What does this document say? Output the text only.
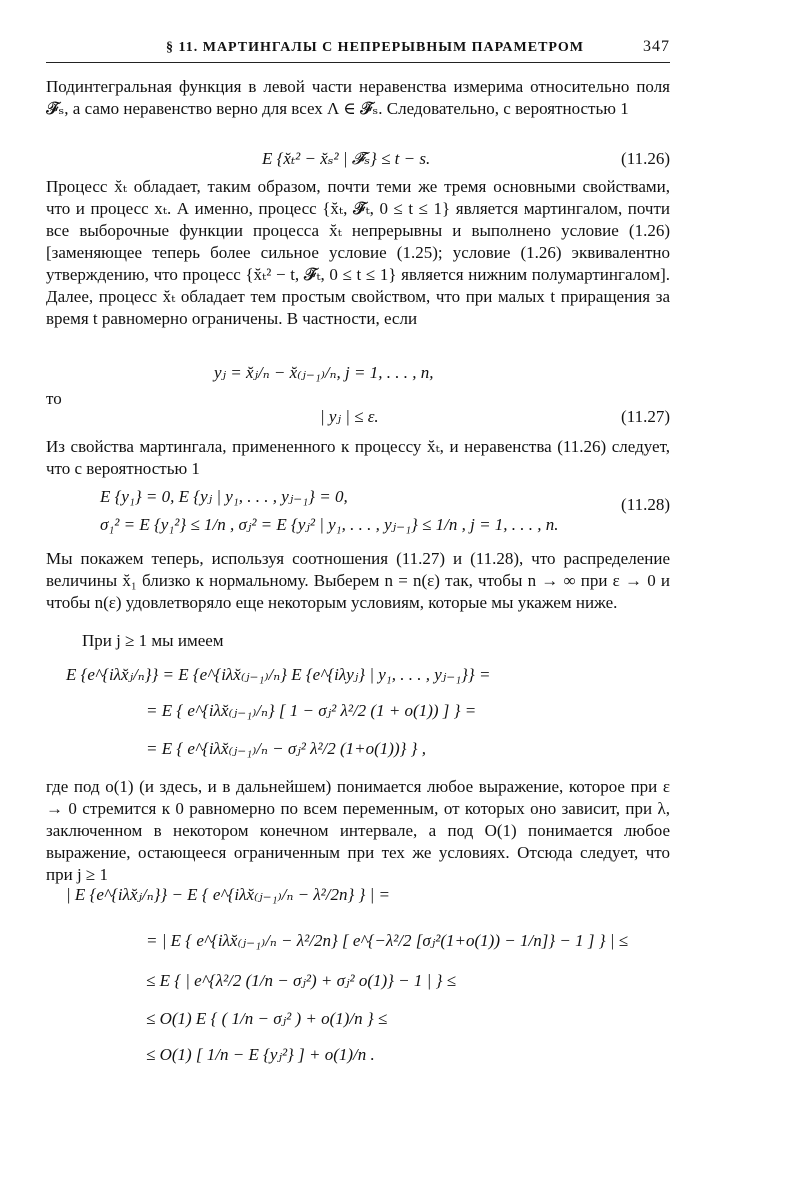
§ 11. МАРТИНГАЛЫ С НЕПРЕРЫВНЫМ ПАРАМЕТРОМ	347
Подинтегральная функция в левой части неравенства измерима относительно поля 𝓕̆ₛ, а само неравенство верно для всех Λ ∈ 𝓕̆ₛ. Следовательно, с вероятностью 1
E {x̆ₜ² − x̆ₛ² | 𝓕̆ₛ} ≤ t − s.	(11.26)
Процесс x̆ₜ обладает, таким образом, почти теми же тремя основными свойствами, что и процесс xₜ. А именно, процесс {x̆ₜ, 𝓕̆ₜ, 0 ≤ t ≤ 1} является мартингалом, почти все выборочные функции процесса x̆ₜ непрерывны и выполнено условие (1.26) [заменяющее теперь более сильное условие (1.25); условие (1.26) эквивалентно утверждению, что процесс {x̆ₜ² − t, 𝓕̆ₜ, 0 ≤ t ≤ 1} является нижним полумартингалом]. Далее, процесс x̆ₜ обладает тем простым свойством, что при малых t приращения за время t равномерно ограничены. В частности, если
yⱼ = x̆ⱼ/ₙ − x̆₍ⱼ₋₁₎/ₙ, j = 1, . . . , n,
то
| yⱼ | ≤ ε.	(11.27)
Из свойства мартингала, примененного к процессу x̆ₜ, и неравенства (11.26) следует, что с вероятностью 1
E {y₁} = 0, E {yⱼ | y₁, . . . , yⱼ₋₁} = 0,
σ₁² = E {y₁²} ≤ 1/n , σⱼ² = E {yⱼ² | y₁, . . . , yⱼ₋₁} ≤ 1/n , j = 1, . . . , n.
(11.28)
Мы покажем теперь, используя соотношения (11.27) и (11.28), что распределение величины x̆₁ близко к нормальному. Выберем n = n(ε) так, чтобы n → ∞ при ε → 0 и чтобы n(ε) удовлетворяло еще некоторым условиям, которые мы укажем ниже.
При j ≥ 1 мы имеем
E {e^{iλx̆ⱼ/ₙ}} = E {e^{iλx̆₍ⱼ₋₁₎/ₙ} E {e^{iλyⱼ} | y₁, . . . , yⱼ₋₁}} =
= E { e^{iλx̆₍ⱼ₋₁₎/ₙ} [ 1 − σⱼ² λ²/2 (1 + o(1)) ] } =
= E { e^{iλx̆₍ⱼ₋₁₎/ₙ − σⱼ² λ²/2 (1+o(1))} } ,
где под o(1) (и здесь, и в дальнейшем) понимается любое выражение, которое при ε → 0 стремится к 0 равномерно по всем переменным, от которых оно зависит, при λ, заключенном в некотором конечном интервале, а под O(1) понимается любое выражение, остающееся ограниченным при тех же условиях. Отсюда следует, что при j ≥ 1
| E {e^{iλx̆ⱼ/ₙ}} − E { e^{iλx̆₍ⱼ₋₁₎/ₙ − λ²/2n} } | =
= | E { e^{iλx̆₍ⱼ₋₁₎/ₙ − λ²/2n} [ e^{−λ²/2 [σⱼ²(1+o(1)) − 1/n]} − 1 ] } | ≤
≤ E { | e^{λ²/2 (1/n − σⱼ²) + σⱼ² o(1)} − 1 | } ≤
≤ O(1) E { ( 1/n − σⱼ² ) + o(1)/n } ≤
≤ O(1) [ 1/n − E {yⱼ²} ] + o(1)/n .
